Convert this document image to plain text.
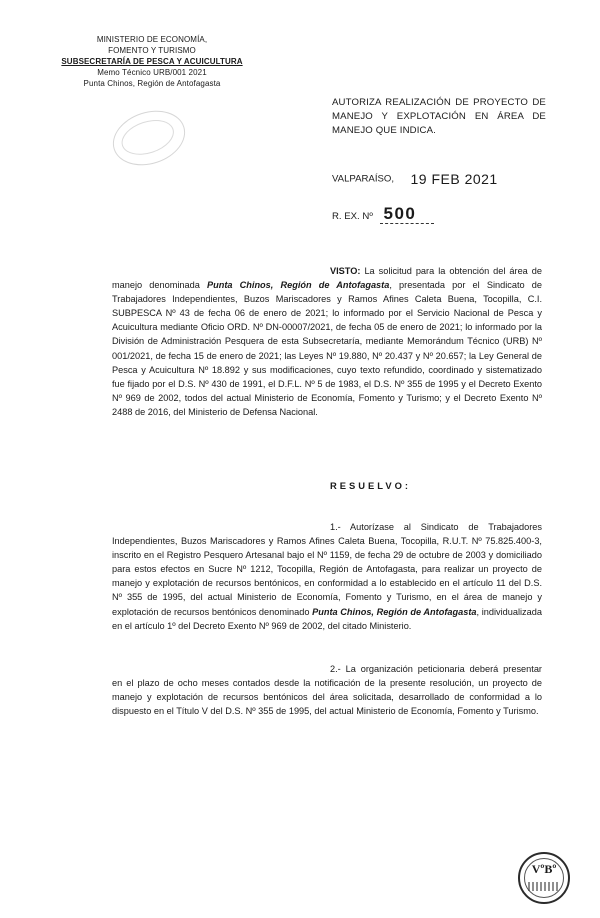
MINISTERIO DE ECONOMÍA,
FOMENTO Y TURISMO
SUBSECRETARÍA DE PESCA Y ACUICULTURA
Memo Técnico URB/001 2021
Punta Chinos, Región de Antofagasta
AUTORIZA REALIZACIÓN DE PROYECTO DE MANEJO Y EXPLOTACIÓN EN ÁREA DE MANEJO QUE INDICA.
VALPARAÍSO, 19 FEB 2021
R. EX. Nº 500
VISTO: La solicitud para la obtención del área de manejo denominada Punta Chinos, Región de Antofagasta, presentada por el Sindicato de Trabajadores Independientes, Buzos Mariscadores y Ramos Afines Caleta Buena, Tocopilla, C.I. SUBPESCA Nº 43 de fecha 06 de enero de 2021; lo informado por el Servicio Nacional de Pesca y Acuicultura mediante Oficio ORD. Nº DN-00007/2021, de fecha 05 de enero de 2021; lo informado por la División de Administración Pesquera de esta Subsecretaría, mediante Memorándum Técnico (URB) Nº 001/2021, de fecha 15 de enero de 2021; las Leyes Nº 19.880, Nº 20.437 y Nº 20.657; la Ley General de Pesca y Acuicultura Nº 18.892 y sus modificaciones, cuyo texto refundido, coordinado y sistematizado fue fijado por el D.S. Nº 430 de 1991, el D.F.L. Nº 5 de 1983, el D.S. Nº 355 de 1995 y el Decreto Exento Nº 969 de 2002, todos del actual Ministerio de Economía, Fomento y Turismo; y el Decreto Exento Nº 2488 de 2016, del Ministerio de Defensa Nacional.
RESUELVO:
1.- Autorízase al Sindicato de Trabajadores Independientes, Buzos Mariscadores y Ramos Afines Caleta Buena, Tocopilla, R.U.T. Nº 75.825.400-3, inscrito en el Registro Pesquero Artesanal bajo el Nº 1159, de fecha 29 de octubre de 2003 y domiciliado para estos efectos en Sucre Nº 1212, Tocopilla, Región de Antofagasta, para realizar un proyecto de manejo y explotación de recursos bentónicos, en conformidad a lo establecido en el artículo 11 del D.S. Nº 355 de 1995, del actual Ministerio de Economía, Fomento y Turismo, en el área de manejo y explotación de recursos bentónicos denominado Punta Chinos, Región de Antofagasta, individualizada en el artículo 1º del Decreto Exento Nº 969 de 2002, del citado Ministerio.
2.- La organización peticionaria deberá presentar en el plazo de ocho meses contados desde la notificación de la presente resolución, un proyecto de manejo y explotación de recursos bentónicos del área solicitada, desarrollado de conformidad a lo dispuesto en el Título V del D.S. Nº 355 de 1995, del actual Ministerio de Economía, Fomento y Turismo.
VºBº
